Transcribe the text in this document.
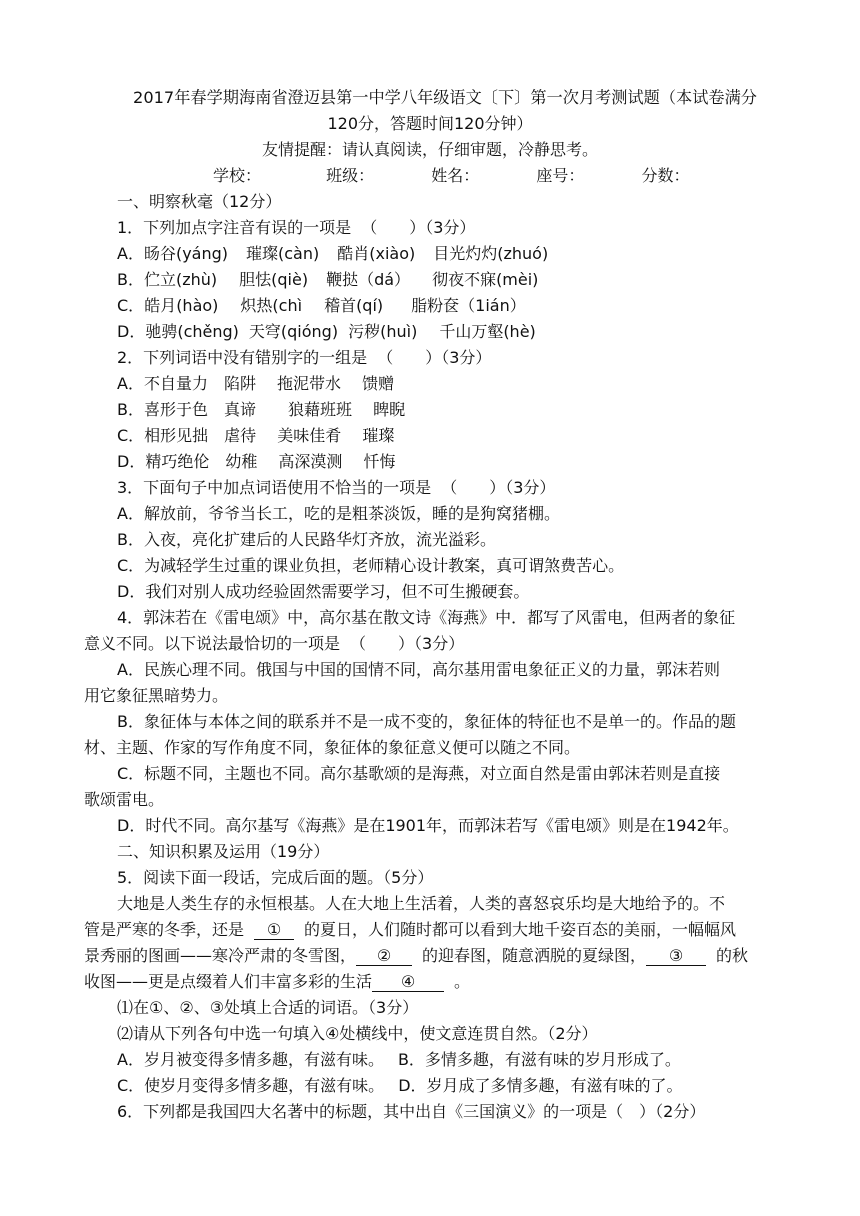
2017年春学期海南省澄迈县第一中学八年级语文〔下〕第一次月考测试题（本试卷满分
120分，答题时间120分钟）
友情提醒：请认真阅读，仔细审题，冷静思考。
学校：	班级：	姓名：	座号：	分数：
一、明察秋毫（12分）
1．下列加点字注音有误的一项是 （　　）（3分）
A．旸谷(yáng) 璀璨(càn) 酷肖(xiào) 目光灼灼(zhuó)
B．伫立(zhù) 胆怯(qiè) 鞭挞（dá） 彻夜不寐(mèi)
C．皓月(hào) 炽热(chì 稽首(qí) 脂粉奁（1ián）
D．驰骋(chěng) 天穹(qióng) 污秽(huì) 千山万壑(hè)
2．下列词语中没有错别字的一组是 （　　）（3分）
A．不自量力　陷阱　 拖泥带水　 馈赠
B．喜形于色　真谛　　狼藉班班　 睥睨
C．相形见拙　虐待　 美味佳肴　 璀璨
D．精巧绝伦　幼稚　 高深漠测　 忏悔
3．下面句子中加点词语使用不恰当的一项是 （　　）（3分）
A．解放前，爷爷当长工，吃的是粗茶淡饭，睡的是狗窝猪棚。
B．入夜，亮化扩建后的人民路华灯齐放，流光溢彩。
C．为减轻学生过重的课业负担，老师精心设计教案，真可谓煞费苦心。
D．我们对别人成功经验固然需要学习，但不可生搬硬套。
4．郭沫若在《雷电颂》中，高尔基在散文诗《海燕》中．都写了风雷电，但两者的象征
意义不同。以下说法最恰切的一项是 （　　）（3分）
A．民族心理不同。俄国与中国的国情不同，高尔基用雷电象征正义的力量，郭沫若则
用它象征黑暗势力。
B．象征体与本体之间的联系并不是一成不变的，象征体的特征也不是单一的。作品的题
材、主题、作家的写作角度不同，象征体的象征意义便可以随之不同。
C．标题不同，主题也不同。高尔基歌颂的是海燕，对立面自然是雷由郭沫若则是直接
歌颂雷电。
D．时代不同。高尔基写《海燕》是在1901年，而郭沫若写《雷电颂》则是在1942年。
二、知识积累及运用（19分）
5．阅读下面一段话，完成后面的题。（5分）
大地是人类生存的永恒根基。人在大地上生活着，人类的喜怒哀乐均是大地给予的。不
管是严寒的冬季，还是 ① 的夏日，人们随时都可以看到大地千姿百态的美丽，一幅幅风
景秀丽的图画——寒冷严肃的冬雪图， ② 的迎春图，随意洒脱的夏绿图， ③ 的秋
收图——更是点缀着人们丰富多彩的生活 ④ 。
⑴在①、②、③处填上合适的词语。（3分）
⑵请从下列各句中选一句填入④处横线中，使文意连贯自然。（2分）
A．岁月被变得多情多趣，有滋有味。 B．多情多趣，有滋有味的岁月形成了。
C．使岁月变得多情多趣，有滋有味。 D．岁月成了多情多趣，有滋有味的了。
6．下列都是我国四大名著中的标题，其中出自《三国演义》的一项是（　）（2分）
